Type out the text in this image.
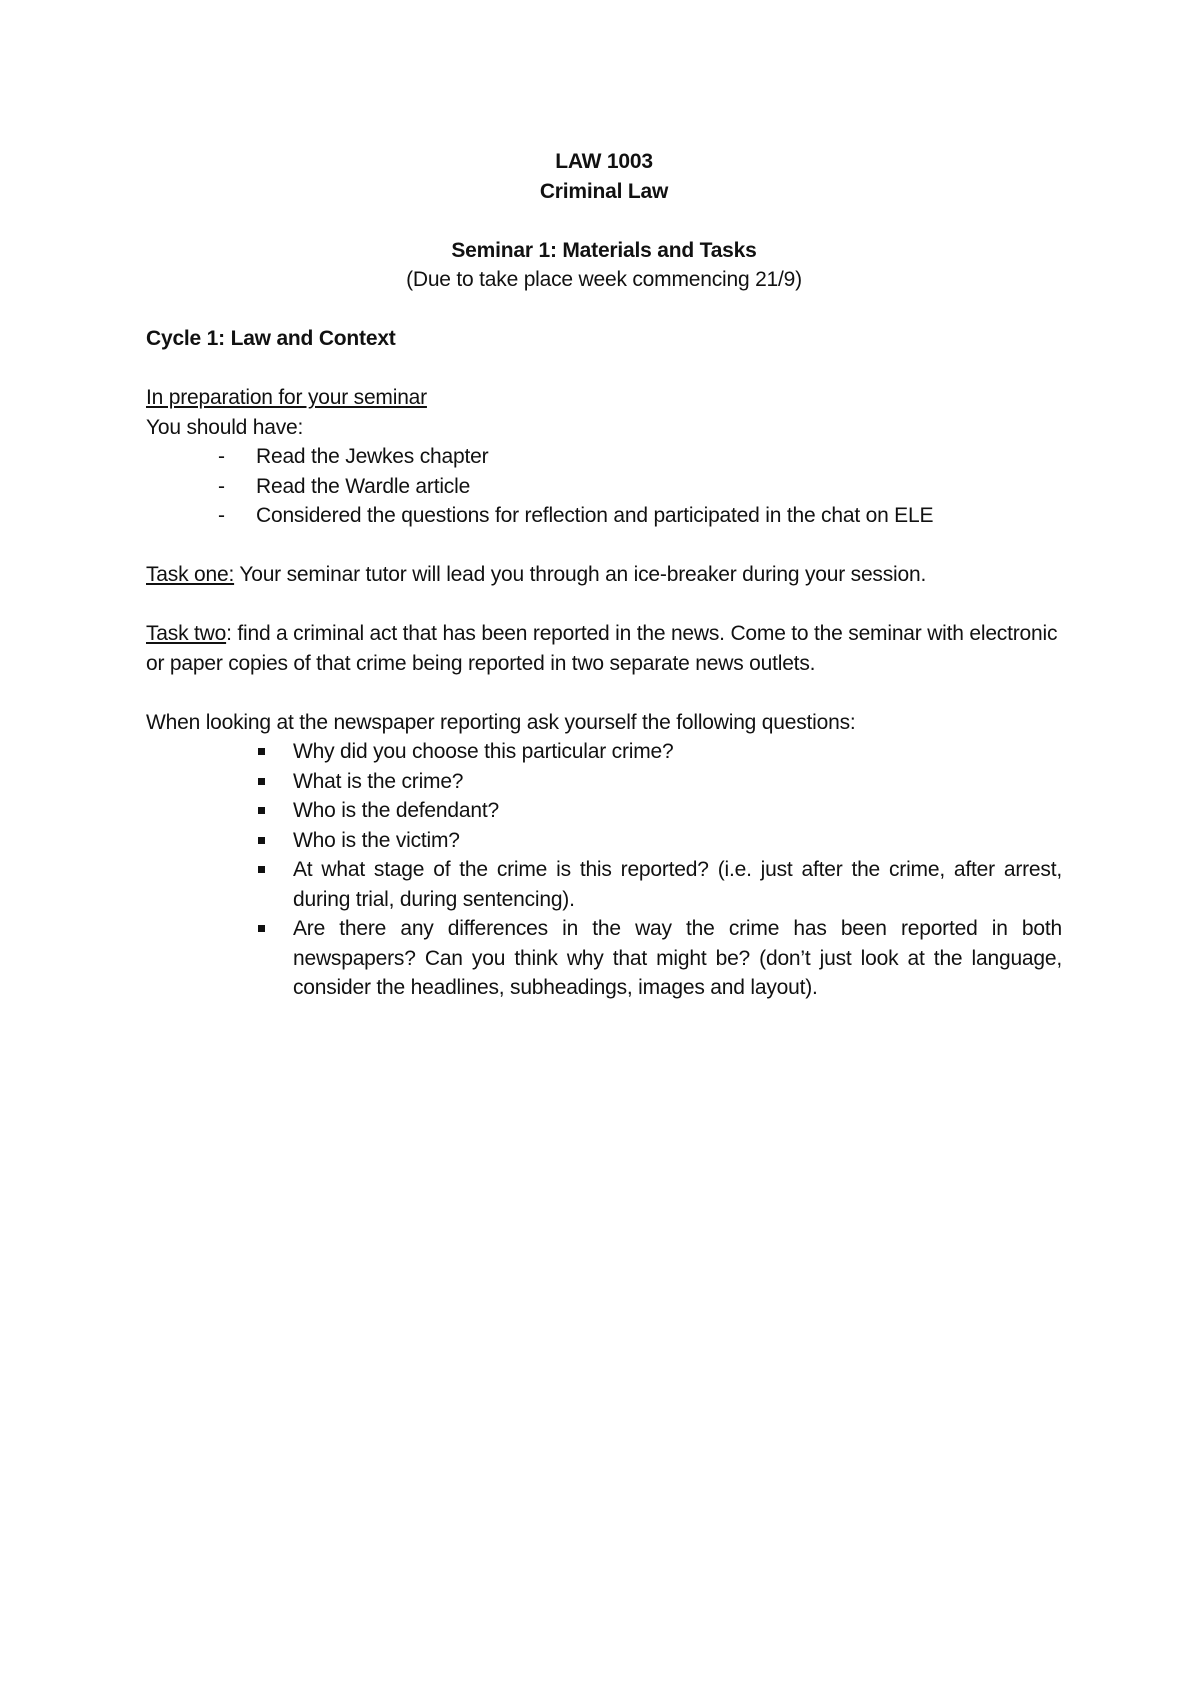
LAW 1003
Criminal Law
Seminar 1: Materials and Tasks
(Due to take place week commencing 21/9)
Cycle 1: Law and Context
In preparation for your seminar
You should have:
- Read the Jewkes chapter
- Read the Wardle article
- Considered the questions for reflection and participated in the chat on ELE
Task one: Your seminar tutor will lead you through an ice-breaker during your session.
Task two: find a criminal act that has been reported in the news. Come to the seminar with electronic or paper copies of that crime being reported in two separate news outlets.
When looking at the newspaper reporting ask yourself the following questions:
Why did you choose this particular crime?
What is the crime?
Who is the defendant?
Who is the victim?
At what stage of the crime is this reported? (i.e. just after the crime, after arrest, during trial, during sentencing).
Are there any differences in the way the crime has been reported in both newspapers? Can you think why that might be? (don’t just look at the language, consider the headlines, subheadings, images and layout).
